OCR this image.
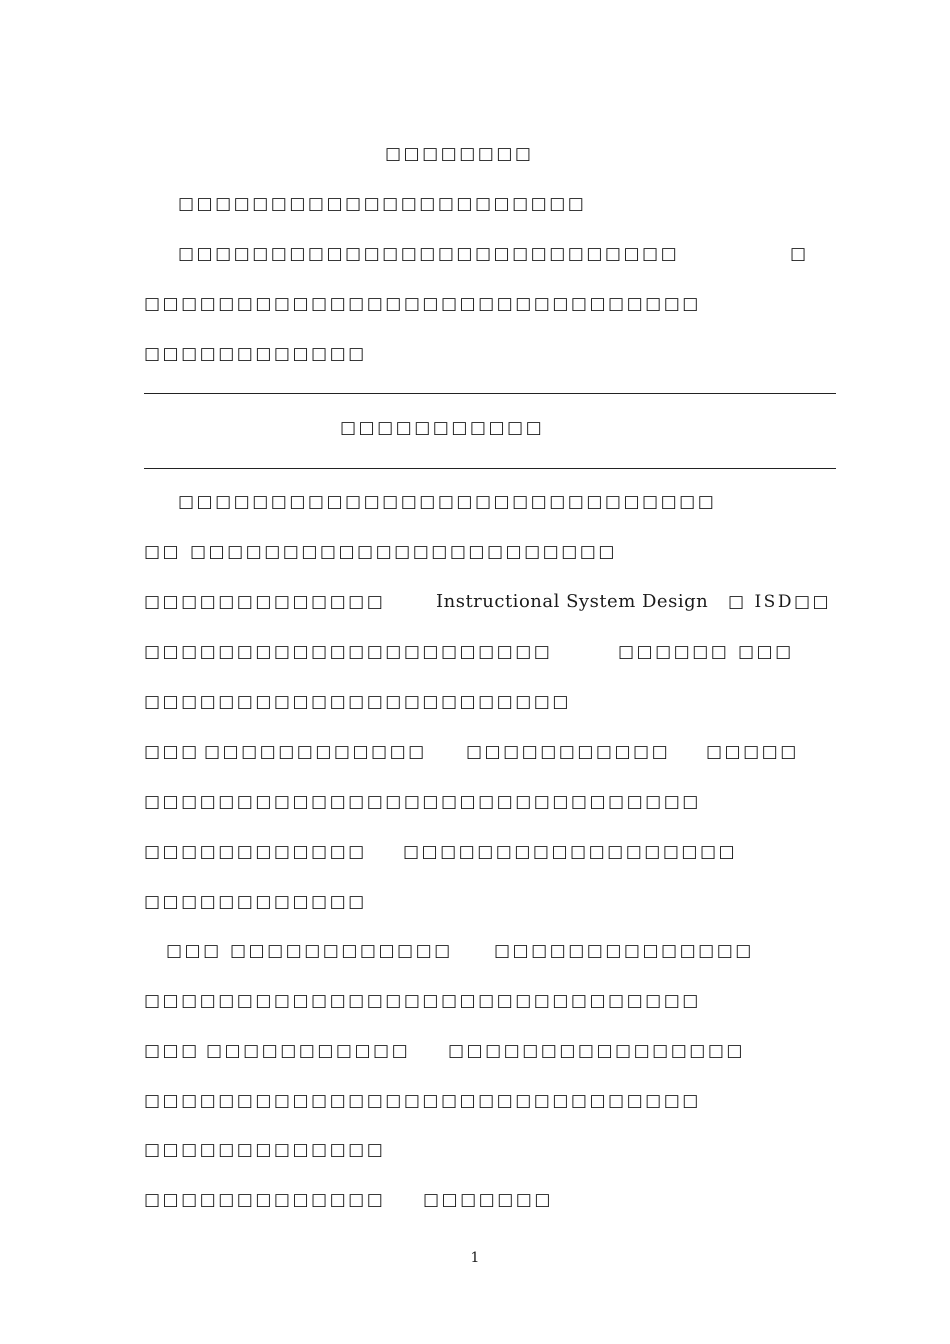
□□□□□□□□
□□□□□□□□□□□□□□□□□□□□□□
□□□□□□□□□□□□□□□□□□□□□□□□□□□	□
□□□□□□□□□□□□□□□□□□□□□□□□□□□□□□
□□□□□□□□□□□□
□□□□□□□□□□□
□□□□□□□□□□□□□□□□□□□□□□□□□□□□□
□□ □□□□□□□□□□□□□□□□□□□□□□□
□□□□□□□□□□□□□	Instructional System Design □ ISD□□
□□□□□□□□□□□□□□□□□□□□□□	□□□□□□ □□□
□□□□□□□□□□□□□□□□□□□□□□□
□□□ □□□□□□□□□□□□ □□□□□□□□□□□ □□□□□
□□□□□□□□□□□□□□□□□□□□□□□□□□□□□□
□□□□□□□□□□□□ □□□□□□□□□□□□□□□□□□
□□□□□□□□□□□□
□□□ □□□□□□□□□□□□ □□□□□□□□□□□□□□
□□□□□□□□□□□□□□□□□□□□□□□□□□□□□□
□□□ □□□□□□□□□□□ □□□□□□□□□□□□□□□□
□□□□□□□□□□□□□□□□□□□□□□□□□□□□□□
□□□□□□□□□□□□□
□□□□□□□□□□□□□ □□□□□□□
1
